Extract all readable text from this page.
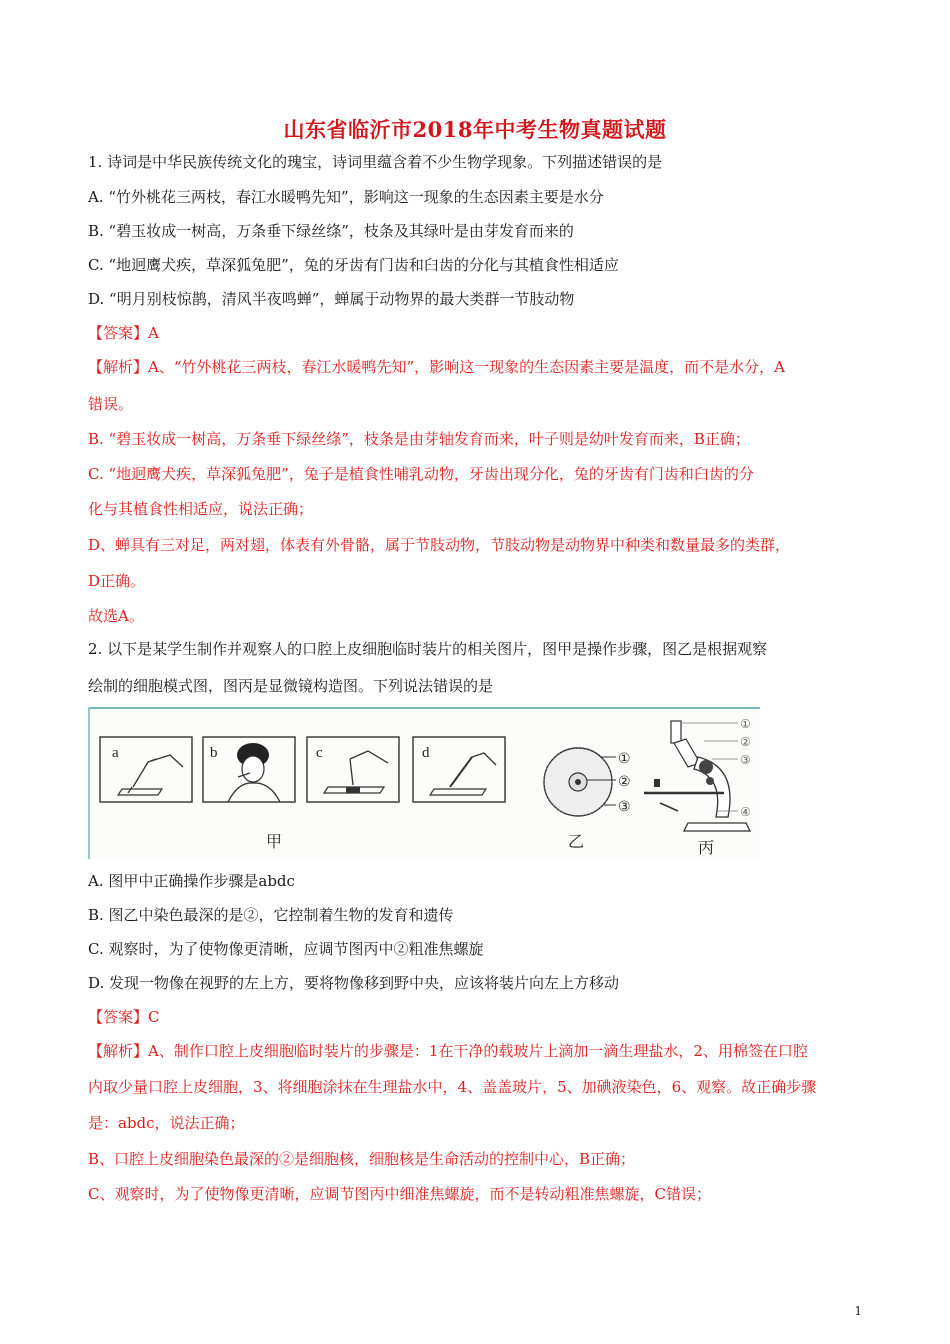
山东省临沂市2018年中考生物真题试题
1. 诗词是中华民族传统文化的瑰宝，诗词里蕴含着不少生物学现象。下列描述错误的是
A. “竹外桃花三两枝，春江水暖鸭先知”，影响这一现象的生态因素主要是水分
B. “碧玉妆成一树高，万条垂下绿丝绦”，枝条及其绿叶是由芽发育而来的
C. “地迥鹰犬疾，草深狐兔肥”，兔的牙齿有门齿和臼齿的分化与其植食性相适应
D. “明月别枝惊鹊，清风半夜鸣蝉”，蝉属于动物界的最大类群一节肢动物
【答案】A
【解析】A、“竹外桃花三两枝，春江水暖鸭先知”，影响这一现象的生态因素主要是温度，而不是水分，A
错误。
B. “碧玉妆成一树高，万条垂下绿丝绦”，枝条是由芽轴发育而来，叶子则是幼叶发育而来，B正确；
C. “地迥鹰犬疾，草深狐兔肥”，兔子是植食性哺乳动物，牙齿出现分化，兔的牙齿有门齿和臼齿的分
化与其植食性相适应，说法正确；
D、蝉具有三对足，两对翅，体表有外骨骼，属于节肢动物，节肢动物是动物界中种类和数量最多的类群，
D正确。
故选A。
2. 以下是某学生制作并观察人的口腔上皮细胞临时装片的相关图片，图甲是操作步骤，图乙是根据观察
绘制的细胞模式图，图丙是显微镜构造图。下列说法错误的是
a	b	c	d
甲
①
②
③
乙
①
②
③
④
丙
A. 图甲中正确操作步骤是abdc
B. 图乙中染色最深的是②，它控制着生物的发育和遗传
C. 观察时，为了使物像更清晰，应调节图丙中②粗准焦螺旋
D. 发现一物像在视野的左上方，要将物像移到野中央，应该将装片向左上方移动
【答案】C
【解析】A、制作口腔上皮细胞临时装片的步骤是：1在干净的载玻片上滴加一滴生理盐水，2、用棉签在口腔
内取少量口腔上皮细胞，3、将细胞涂抹在生理盐水中，4、盖盖玻片，5、加碘液染色，6、观察。故正确步骤
是：abdc，说法正确；
B、口腔上皮细胞染色最深的②是细胞核，细胞核是生命活动的控制中心，B正确；
C、观察时，为了使物像更清晰，应调节图丙中细准焦螺旋，而不是转动粗准焦螺旋，C错误；
1
